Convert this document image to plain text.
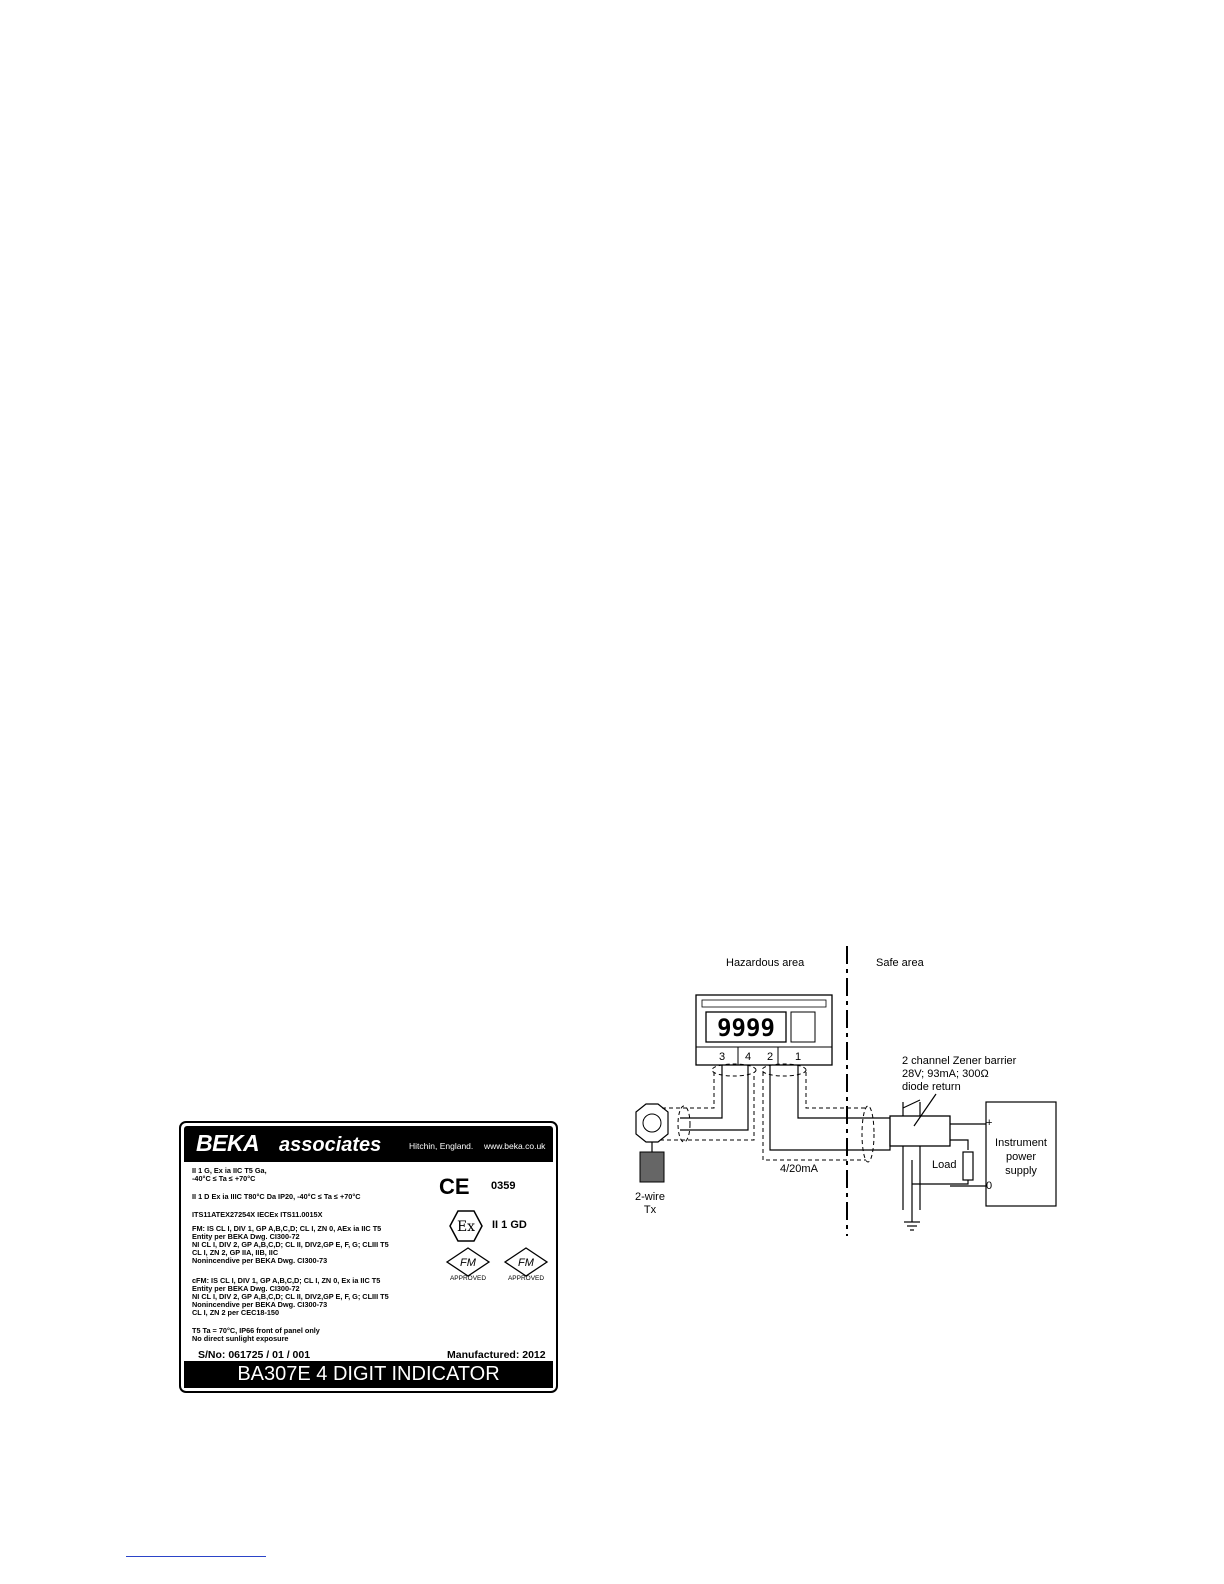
BEKA associates	Hitchin, England. www.beka.co.uk
II 1 G, Ex ia IIC T5 Ga,
-40°C ≤ Ta ≤ +70°C
II 1 D Ex ia IIIC T80°C Da IP20, -40°C ≤ Ta ≤ +70°C
ITS11ATEX27254X IECEx ITS11.0015X
FM: IS CL I, DIV 1, GP A,B,C,D; CL I, ZN 0, AEx ia IIC T5
Entity per BEKA Dwg. CI300-72
NI CL I, DIV 2, GP A,B,C,D; CL II, DIV2,GP E, F, G; CLIII T5
CL I, ZN 2, GP IIA, IIB, IIC
Nonincendive per BEKA Dwg. CI300-73
cFM: IS CL I, DIV 1, GP A,B,C,D; CL I, ZN 0, Ex ia IIC T5
Entity per BEKA Dwg. CI300-72
NI CL I, DIV 2, GP A,B,C,D; CL II, DIV2,GP E, F, G; CLIII T5
Nonincendive per BEKA Dwg. CI300-73
CL I, ZN 2 per CEC18-150
T5 Ta = 70°C, IP66 front of panel only
No direct sunlight exposure
CE 0359
Ex II 1 GD
FM
APPROVED
FM
APPROVED
S/No: 061725 / 01 / 001	Manufactured: 2012
BA307E 4 DIGIT INDICATOR
Hazardous area	Safe area
9999
3 4 2 1
2-wire
Tx
4/20mA
2 channel Zener barrier
28V; 93mA; 300Ω
diode return
Load
Instrument
power
supply
+
0
